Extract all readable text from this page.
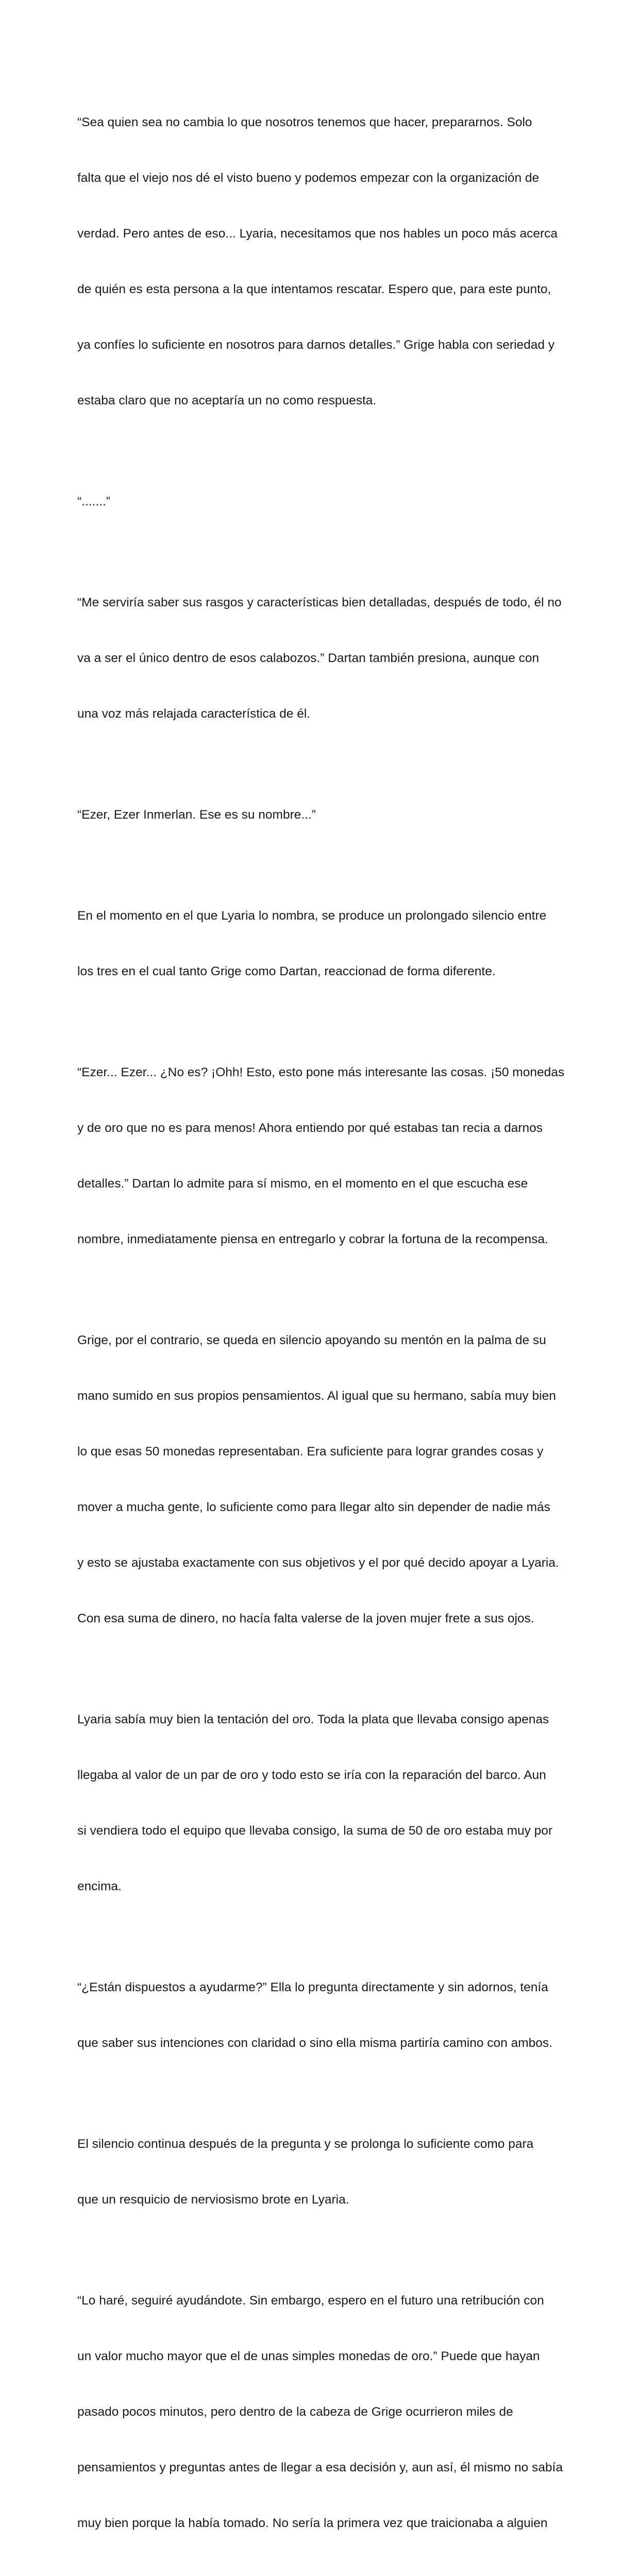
“Sea quien sea no cambia lo que nosotros tenemos que hacer, prepararnos. Solo

falta que el viejo nos dé el visto bueno y podemos empezar con la organización de

verdad. Pero antes de eso... Lyaria, necesitamos que nos hables un poco más acerca

de quién es esta persona a la que intentamos rescatar. Espero que, para este punto,

ya confíes lo suficiente en nosotros para darnos detalles.” Grige habla con seriedad y

estaba claro que no aceptaría un no como respuesta.

“.......”

“Me serviría saber sus rasgos y características bien detalladas, después de todo, él no

va a ser el único dentro de esos calabozos.” Dartan también presiona, aunque con

una voz más relajada característica de él.

“Ezer, Ezer Inmerlan. Ese es su nombre...”

En el momento en el que Lyaria lo nombra, se produce un prolongado silencio entre

los tres en el cual tanto Grige como Dartan, reaccionad de forma diferente.

“Ezer... Ezer... ¿No es? ¡Ohh! Esto, esto pone más interesante las cosas. ¡50 monedas

y de oro que no es para menos! Ahora entiendo por qué estabas tan recia a darnos

detalles.” Dartan lo admite para sí mismo, en el momento en el que escucha ese

nombre, inmediatamente piensa en entregarlo y cobrar la fortuna de la recompensa.

Grige, por el contrario, se queda en silencio apoyando su mentón en la palma de su

mano sumido en sus propios pensamientos. Al igual que su hermano, sabía muy bien

lo que esas 50 monedas representaban. Era suficiente para lograr grandes cosas y

mover a mucha gente, lo suficiente como para llegar alto sin depender de nadie más

y esto se ajustaba exactamente con sus objetivos y el por qué decido apoyar a Lyaria.

Con esa suma de dinero, no hacía falta valerse de la joven mujer frete a sus ojos.

Lyaria sabía muy bien la tentación del oro. Toda la plata que llevaba consigo apenas

llegaba al valor de un par de oro y todo esto se iría con la reparación del barco. Aun

si vendiera todo el equipo que llevaba consigo, la suma de 50 de oro estaba muy por

encima.

“¿Están dispuestos a ayudarme?” Ella lo pregunta directamente y sin adornos, tenía

que saber sus intenciones con claridad o sino ella misma partiría camino con ambos.

El silencio continua después de la pregunta y se prolonga lo suficiente como para

que un resquicio de nerviosismo brote en Lyaria.

“Lo haré, seguiré ayudándote. Sin embargo, espero en el futuro una retribución con

un valor mucho mayor que el de unas simples monedas de oro.” Puede que hayan

pasado pocos minutos, pero dentro de la cabeza de Grige ocurrieron miles de

pensamientos y preguntas antes de llegar a esa decisión y, aun así, él mismo no sabía

muy bien porque la había tomado. No sería la primera vez que traicionaba a alguien
